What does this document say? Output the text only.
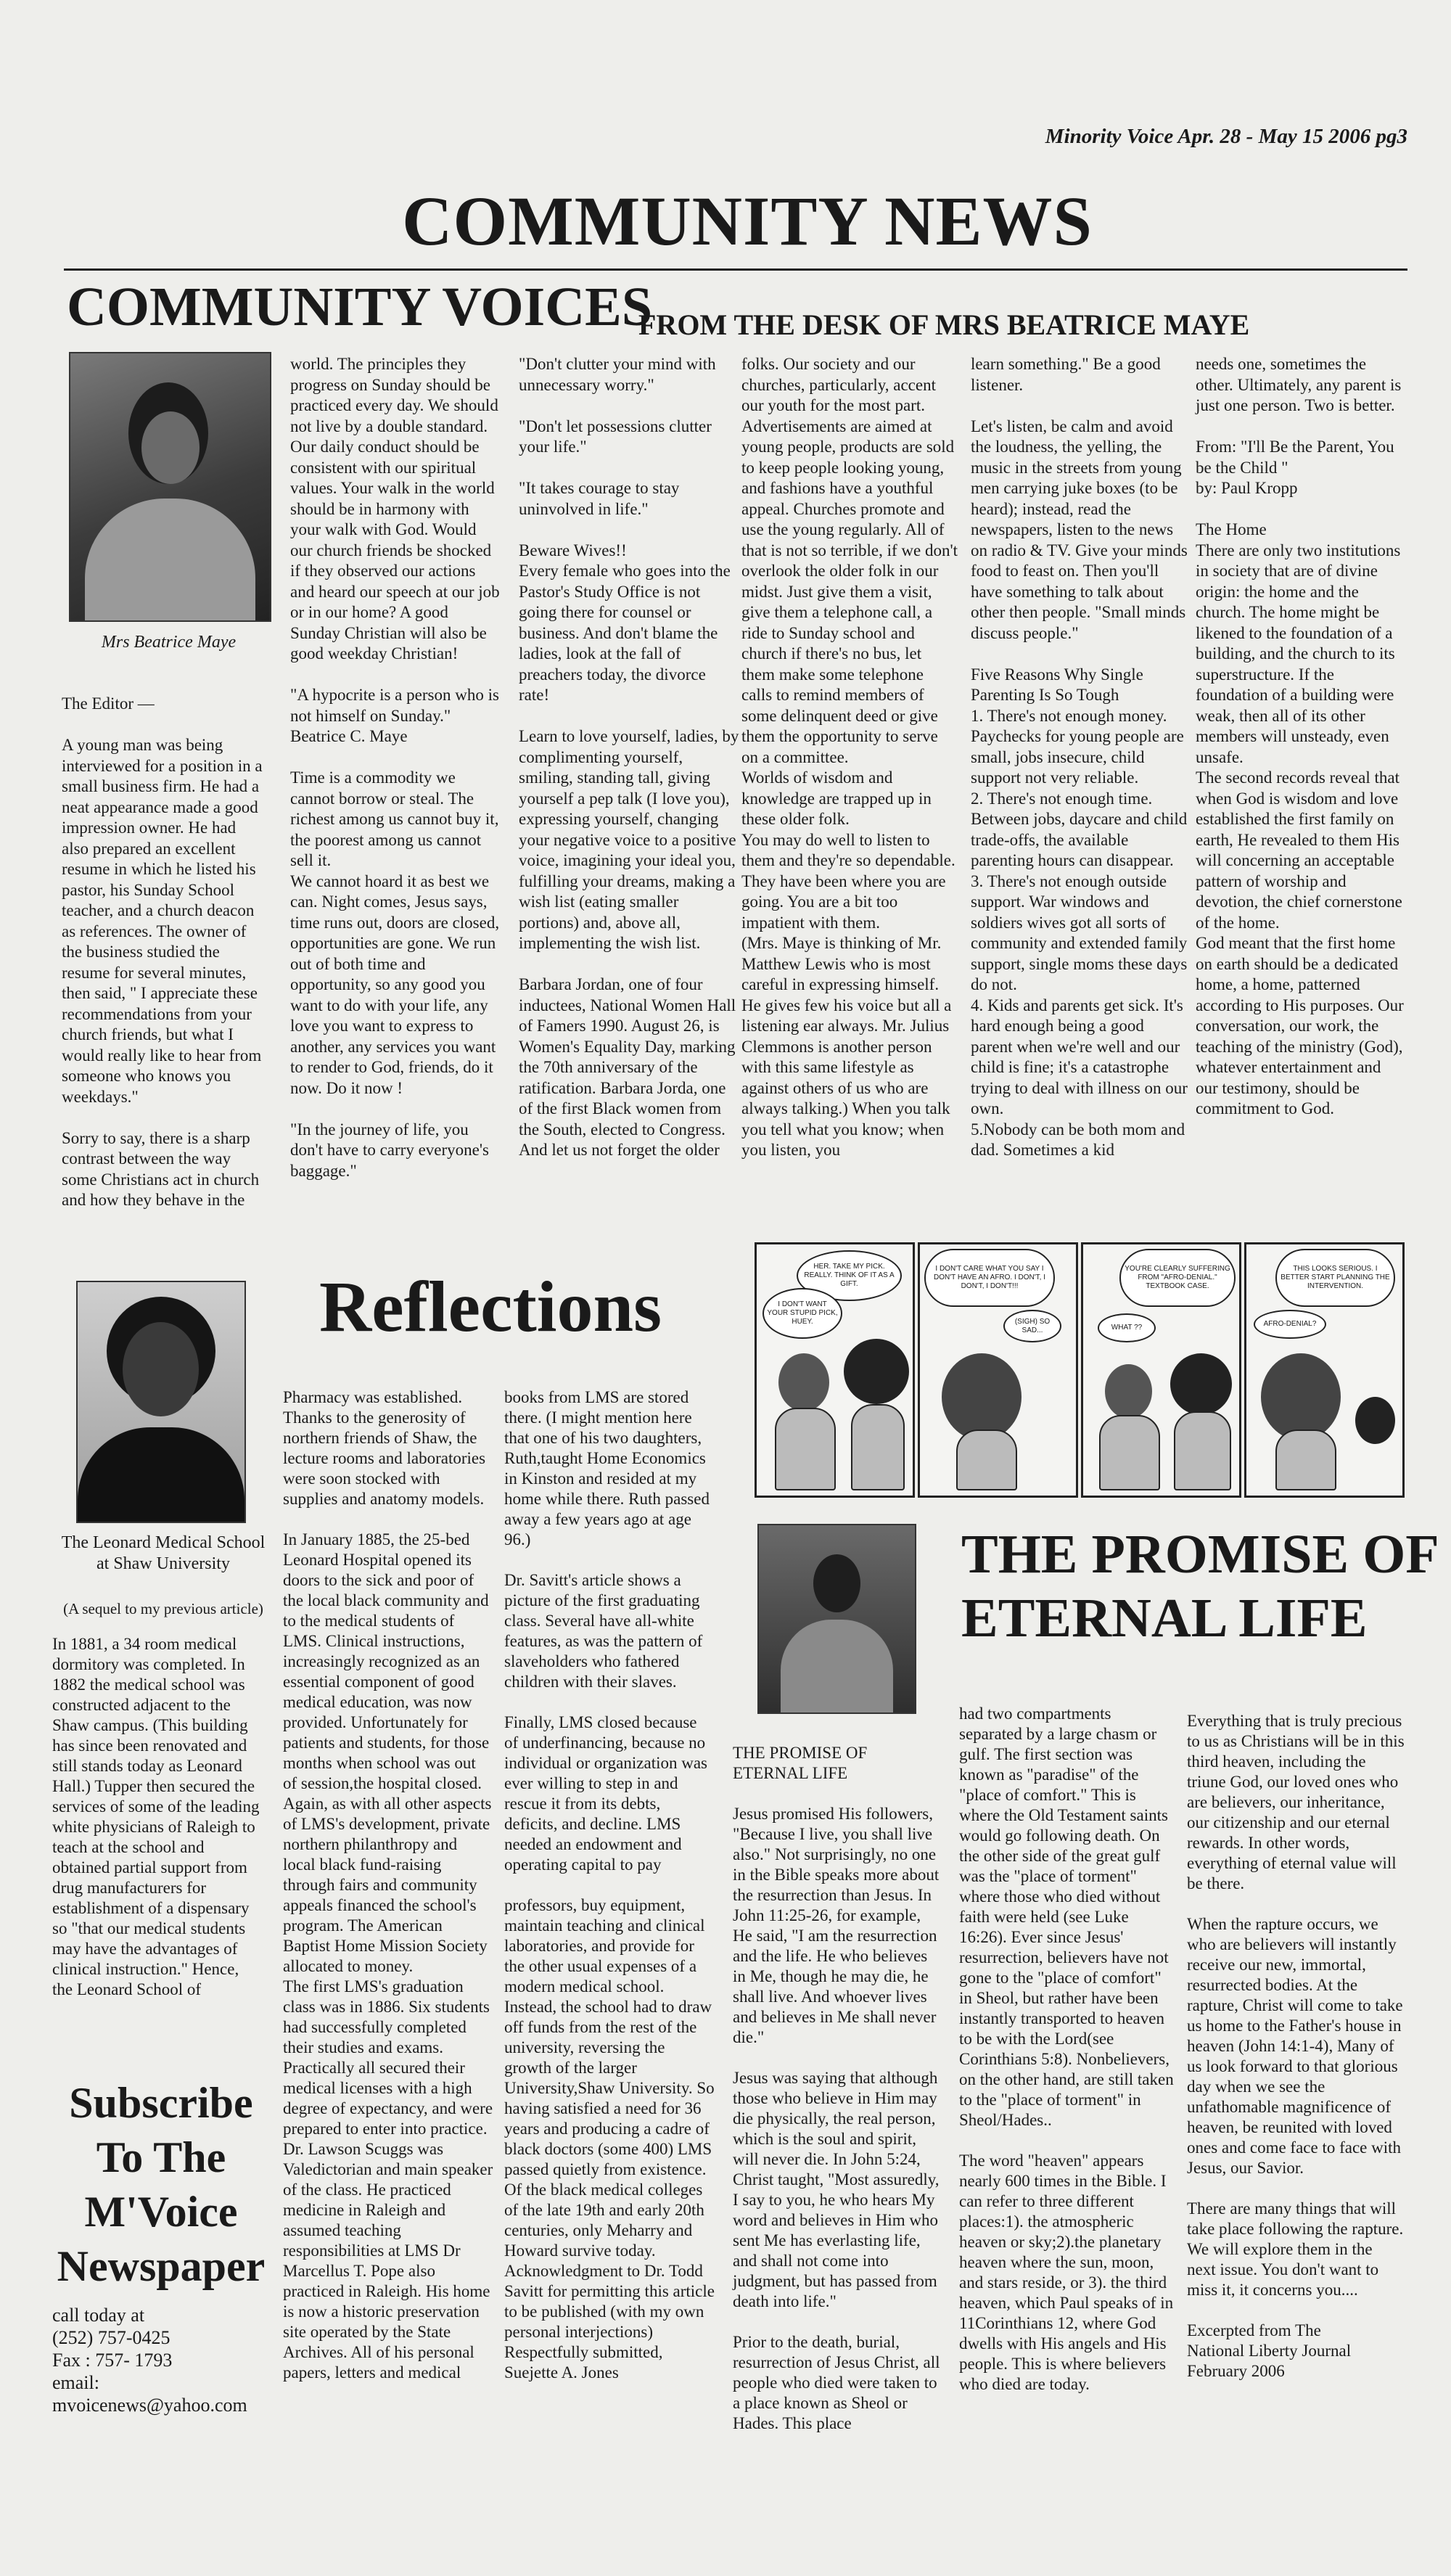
Minority Voice Apr. 28 - May 15 2006 pg3
COMMUNITY NEWS
COMMUNITY VOICES
FROM THE DESK OF MRS BEATRICE MAYE
Mrs Beatrice Maye
The Editor —

A young man was being interviewed for a position in a small business firm. He had a neat appearance made a good impression owner. He had also prepared an excellent resume in which he listed his pastor, his Sunday School teacher, and a church deacon as references. The owner of the business studied the resume for several minutes, then said, " I appreciate these recommendations from your church friends, but what I would really like to hear from someone who knows you weekdays."

Sorry to say, there is a sharp contrast between the way some Christians act in church and how they behave in the
world. The principles they progress on Sunday should be practiced every day. We should not live by a double standard. Our daily conduct should be consistent with our spiritual values. Your walk in the world should be in harmony with your walk with God. Would our church friends be shocked if they observed our actions and heard our speech at our job or in our home? A good Sunday Christian will also be good weekday Christian!

"A hypocrite is a person who is not himself on Sunday."
Beatrice C. Maye

Time is a commodity we cannot borrow or steal. The richest among us cannot buy it, the poorest among us cannot sell it.
We cannot hoard it as best we can. Night comes, Jesus says, time runs out, doors are closed, opportunities are gone. We run out of both time and opportunity, so any good you want to do with your life, any love you want to express to another, any services you want to render to God, friends, do it now. Do it now !

"In the journey of life, you don't have to carry everyone's baggage."
"Don't clutter your mind with unnecessary worry."

"Don't let possessions clutter your life."

"It takes courage to stay uninvolved in life."

Beware Wives!!
Every female who goes into the Pastor's Study Office is not going there for counsel or business. And don't blame the ladies, look at the fall of preachers today, the divorce rate!

Learn to love yourself, ladies, by complimenting yourself, smiling, standing tall, giving yourself a pep talk (I love you), expressing yourself, changing your negative voice to a positive voice, imagining your ideal you, fulfilling your dreams, making a wish list (eating smaller portions) and, above all, implementing the wish list.

Barbara Jordan, one of four inductees, National Women Hall of Famers 1990. August 26, is Women's Equality Day, marking the 70th anniversary of the ratification. Barbara Jorda, one of the first Black women from the South, elected to Congress.
And let us not forget the older
folks. Our society and our churches, particularly, accent our youth for the most part. Advertisements are aimed at young people, products are sold to keep people looking young, and fashions have a youthful appeal. Churches promote and use the young regularly. All of that is not so terrible, if we don't overlook the older folk in our midst. Just give them a visit, give them a telephone call, a ride to Sunday school and church if there's no bus, let them make some telephone calls to remind members of some delinquent deed or give them the opportunity to serve on a committee.
Worlds of wisdom and knowledge are trapped up in these older folk.
You may do well to listen to them and they're so dependable. They have been where you are going. You are a bit too impatient with them.
(Mrs. Maye is thinking of Mr. Matthew Lewis who is most careful in expressing himself. He gives few his voice but all a listening ear always. Mr. Julius Clemmons is another person with this same lifestyle as against others of us who are always talking.) When you talk you tell what you know; when you listen, you
learn something." Be a good listener.

Let's listen, be calm and avoid the loudness, the yelling, the music in the streets from young men carrying juke boxes (to be heard); instead, read the newspapers, listen to the news on radio & TV. Give your minds food to feast on. Then you'll have something to talk about other then people. "Small minds discuss people."

Five Reasons Why Single Parenting Is So Tough
1. There's not enough money. Paychecks for young people are small, jobs insecure, child support not very reliable.
2. There's not enough time. Between jobs, daycare and child trade-offs, the available parenting hours can disappear.
3. There's not enough outside support. War windows and soldiers wives got all sorts of community and extended family support, single moms these days do not.
4. Kids and parents get sick. It's hard enough being a good parent when we're well and our child is fine; it's a catastrophe trying to deal with illness on our own.
5.Nobody can be both mom and dad. Sometimes a kid
needs one, sometimes the other. Ultimately, any parent is just one person. Two is better.

From: "I'll Be the Parent, You be the Child "
by: Paul Kropp

The Home
There are only two institutions in society that are of divine origin: the home and the church. The home might be likened to the foundation of a building, and the church to its superstructure. If the foundation of a building were weak, then all of its other members will unsteady, even unsafe.
The second records reveal that when God is wisdom and love established the first family on earth, He revealed to them His will concerning an acceptable pattern of worship and devotion, the chief cornerstone of the home.
God meant that the first home on earth should be a dedicated home, a home, patterned according to His purposes. Our conversation, our work, the teaching of the ministry (God), whatever entertainment and our testimony, should be commitment to God.
Reflections
The Leonard Medical School at Shaw University
(A sequel to my previous article)
In 1881, a 34 room medical dormitory was completed. In 1882 the medical school was constructed adjacent to the Shaw campus. (This building has since been renovated and still stands today as Leonard Hall.) Tupper then secured the services of some of the leading white physicians of Raleigh to teach at the school and obtained partial support from drug manufacturers for establishment of a dispensary so "that our medical students may have the advantages of clinical instruction." Hence, the Leonard School of
Pharmacy was established. Thanks to the generosity of northern friends of Shaw, the lecture rooms and laboratories were soon stocked with supplies and anatomy models.

In January 1885, the 25-bed Leonard Hospital opened its doors to the sick and poor of the local black community and to the medical students of LMS. Clinical instructions, increasingly recognized as an essential component of good medical education, was now provided. Unfortunately for patients and students, for those months when school was out of session,the hospital closed. Again, as with all other aspects of LMS's development, private northern philanthropy and local black fund-raising through fairs and community appeals financed the school's program. The American Baptist Home Mission Society allocated to money.
The first LMS's graduation class was in 1886. Six students had successfully completed their studies and exams. Practically all secured their medical licenses with a high degree of expectancy, and were prepared to enter into practice. Dr. Lawson Scuggs was Valedictorian and main speaker of the class. He practiced medicine in Raleigh and assumed teaching responsibilities at LMS Dr Marcellus T. Pope also practiced in Raleigh. His home is now a historic preservation site operated by the State Archives. All of his personal papers, letters and medical
books from LMS are stored there. (I might mention here that one of his two daughters, Ruth,taught Home Economics in Kinston and resided at my home while there. Ruth passed away a few years ago at age 96.)

Dr. Savitt's article shows a picture of the first graduating class. Several have all-white features, as was the pattern of slaveholders who fathered children with their slaves.

Finally, LMS closed because of underfinancing, because no individual or organization was ever willing to step in and rescue it from its debts, deficits, and decline. LMS needed an endowment and operating capital to pay

professors, buy equipment, maintain teaching and clinical laboratories, and provide for the other usual expenses of a modern medical school. Instead, the school had to draw off funds from the rest of the university, reversing the growth of the larger University,Shaw University. So having satisfied a need for 36 years and producing a cadre of black doctors (some 400) LMS passed quietly from existence. Of the black medical colleges of the late 19th and early 20th centuries, only Meharry and Howard survive today.
Acknowledgment to Dr. Todd Savitt for permitting this article to be published (with my own personal interjections)
Respectfully submitted,
Suejette A. Jones
Subscribe
To The
M'Voice
Newspaper
call today at
(252) 757-0425
Fax : 757- 1793
email:
mvoicenews@yahoo.com
HER. TAKE MY PICK. REALLY. THINK OF IT AS A GIFT.
I DON'T WANT YOUR STUPID PICK, HUEY.
I DON'T CARE WHAT YOU SAY I DON'T HAVE AN AFRO. I DON'T, I DON'T, I DON'T!!!
(SIGH) SO SAD...
YOU'RE CLEARLY SUFFERING FROM "AFRO-DENIAL." TEXTBOOK CASE.
WHAT ??
THIS LOOKS SERIOUS. I BETTER START PLANNING THE INTERVENTION.
AFRO-DENIAL?
THE PROMISE OF
ETERNAL LIFE
THE PROMISE OF ETERNAL LIFE

Jesus promised His followers, "Because I live, you shall live also." Not surprisingly, no one in the Bible speaks more about the resurrection than Jesus. In John 11:25-26, for example, He said, "I am the resurrection and the life. He who believes in Me, though he may die, he shall live. And whoever lives and believes in Me shall never die."

Jesus was saying that although those who believe in Him may die physically, the real person, which is the soul and spirit, will never die. In John 5:24, Christ taught, "Most assuredly, I say to you, he who hears My word and believes in Him who sent Me has everlasting life, and shall not come into judgment, but has passed from death into life."

Prior to the death, burial, resurrection of Jesus Christ, all people who died were taken to a place known as Sheol or Hades. This place
had two compartments separated by a large chasm or gulf. The first section was known as "paradise" of the "place of comfort." This is where the Old Testament saints would go following death. On the other side of the great gulf was the "place of torment" where those who died without faith were held (see Luke 16:26). Ever since Jesus' resurrection, believers have not gone to the "place of comfort" in Sheol, but rather have been instantly transported to heaven to be with the Lord(see Corinthians 5:8). Nonbelievers, on the other hand, are still taken to the "place of torment" in Sheol/Hades..

The word "heaven" appears nearly 600 times in the Bible. I can refer to three different places:1). the atmospheric heaven or sky;2).the planetary heaven where the sun, moon, and stars reside, or 3). the third heaven, which Paul speaks of in 11Corinthians 12, where God dwells with His angels and His people. This is where believers who died are today.
Everything that is truly precious to us as Christians will be in this third heaven, including the triune God, our loved ones who are believers, our inheritance, our citizenship and our eternal rewards. In other words, everything of eternal value will be there.

When the rapture occurs, we who are believers will instantly receive our new, immortal, resurrected bodies. At the rapture, Christ will come to take us home to the Father's house in heaven (John 14:1-4), Many of us look forward to that glorious day when we see the unfathomable magnificence of heaven, be reunited with loved ones and come face to face with Jesus, our Savior.

There are many things that will take place following the rapture. We will explore them in the next issue. You don't want to miss it, it concerns you....

Excerpted from The
National Liberty Journal
February 2006
